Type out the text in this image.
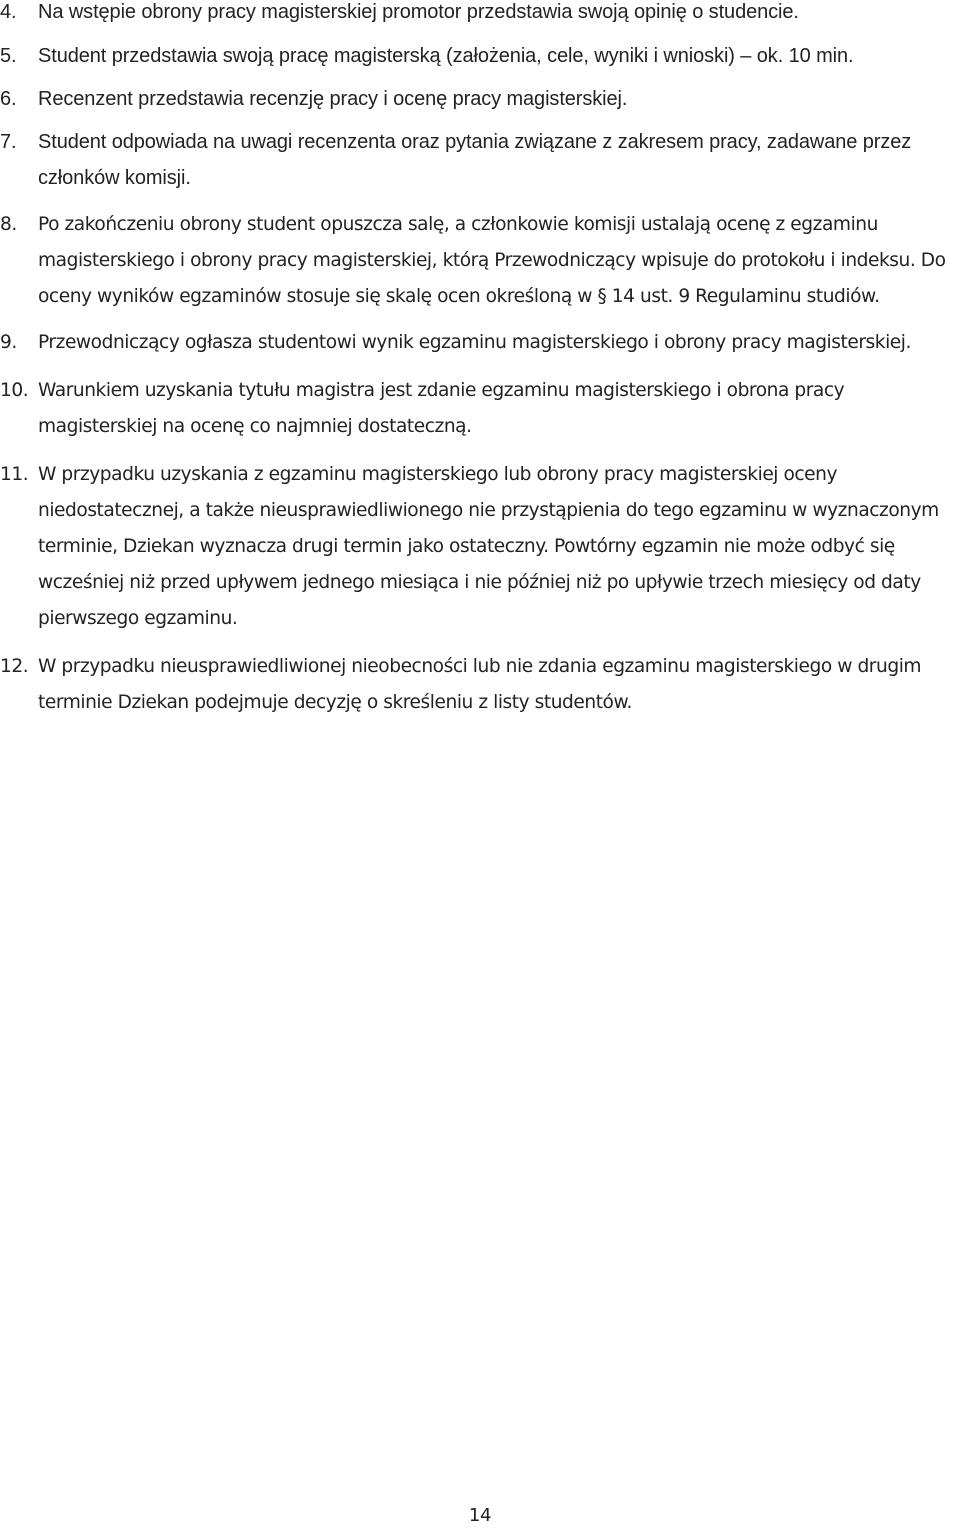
4. Na wstępie obrony pracy magisterskiej promotor przedstawia swoją opinię o studencie.
5. Student przedstawia swoją pracę magisterską (założenia, cele, wyniki i wnioski) – ok. 10 min.
6. Recenzent przedstawia recenzję pracy i ocenę pracy magisterskiej.
7. Student odpowiada na uwagi recenzenta oraz pytania związane z zakresem pracy, zadawane przez członków komisji.
8. Po zakończeniu obrony student opuszcza salę, a członkowie komisji ustalają ocenę z egzaminu magisterskiego i obrony pracy magisterskiej, którą Przewodniczący wpisuje do protokołu i indeksu. Do oceny wyników egzaminów stosuje się skalę ocen określoną w § 14 ust. 9 Regulaminu studiów.
9. Przewodniczący ogłasza studentowi wynik egzaminu magisterskiego i obrony pracy magisterskiej.
10. Warunkiem uzyskania tytułu magistra jest zdanie egzaminu magisterskiego i obrona pracy magisterskiej na ocenę co najmniej dostateczną.
11. W przypadku uzyskania z egzaminu magisterskiego lub obrony pracy magisterskiej oceny niedostatecznej, a także nieusprawiedliwionego nie przystąpienia do tego egzaminu w wyznaczonym terminie, Dziekan wyznacza drugi termin jako ostateczny. Powtórny egzamin nie może odbyć się wcześniej niż przed upływem jednego miesiąca i nie później niż po upływie trzech miesięcy od daty pierwszego egzaminu.
12. W przypadku nieusprawiedliwionej nieobecności lub nie zdania egzaminu magisterskiego w drugim terminie Dziekan podejmuje decyzję o skreśleniu z listy studentów.
14
